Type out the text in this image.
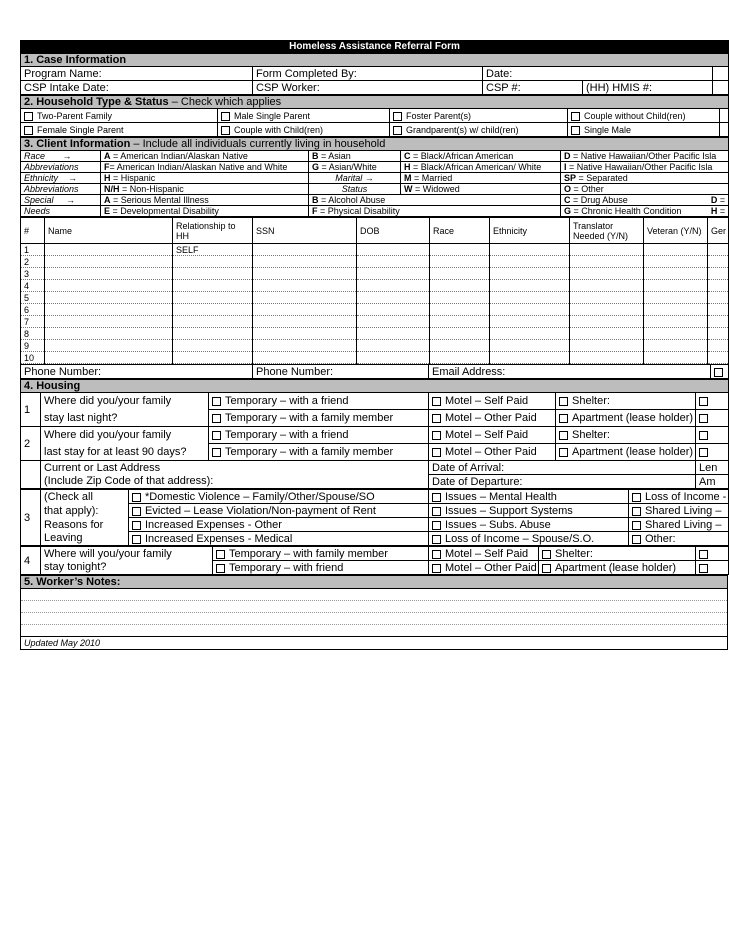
Homeless Assistance Referral Form				
1. Case Information				
Program Name:	Form Completed By:	Date:		
CSP Intake Date:	CSP Worker:	CSP #:	(HH) HMIS #:	
2. Household Type & Status – Check which applies				
Two-Parent Family	Male Single Parent	Foster Parent(s)	Couple without Child(ren)	
Female Single Parent	Couple with Child(ren)	Grandparent(s) w/ child(ren)	Single Male	
3. Client Information – Include all individuals currently living in household					
Race       →	A = American Indian/Alaskan Native	B = Asian	C = Black/African American	D = Native Hawaiian/Other Pacific Isla	
Abbreviations	F= American Indian/Alaskan Native and White	G = Asian/White	H = Black/African American/ White	I = Native Hawaiian/Other Pacific Isla	
Ethnicity    →	H = Hispanic	Marital →	M = Married	SP = Separated	
Abbreviations	N/H = Non-Hispanic	Status	W = Widowed	O = Other	
Special     →	A = Serious Mental Illness	B = Alcohol Abuse		C = Drug Abuse	D =
Needs	E = Developmental Disability	F = Physical Disability		G = Chronic Health Condition	H =
#	Name	Relationship to HH	SSN	DOB	Race	Ethnicity	Translator Needed (Y/N)	Veteran (Y/N)	Ger
1		SELF							
2									
3									
4									
5									
6									
7									
8									
9									
10									
Phone Number:	Phone Number:	Email Address:	
4. Housing					
1	Where did you/your family	Temporary – with a friend	Motel – Self Paid	Shelter:	
	stay last night?	Temporary – with a family member	Motel – Other Paid	Apartment (lease holder)	
2	Where did you/your family	Temporary – with a friend	Motel – Self Paid	Shelter:	
	last stay for at least 90 days?	Temporary – with a family member	Motel – Other Paid	Apartment (lease holder)	
	Current or Last Address		Date of Arrival:		Len
	(Include Zip Code of that address):		Date of Departure:		Am
3	(Check all	*Domestic Violence – Family/Other/Spouse/SO	Issues – Mental Health	Loss of Income -
	that apply):	Evicted – Lease Violation/Non-payment of Rent	Issues – Support Systems	Shared Living –
	Reasons for	Increased Expenses - Other	Issues – Subs. Abuse	Shared Living –
	Leaving	Increased Expenses - Medical	Loss of Income – Spouse/S.O.	Other:
4	Where will you/your family	Temporary – with family member	Motel – Self Paid	Shelter:	
	stay tonight?	Temporary – with friend	Motel – Other Paid	Apartment (lease holder)	
5. Worker’s Notes:

Updated May 2010
